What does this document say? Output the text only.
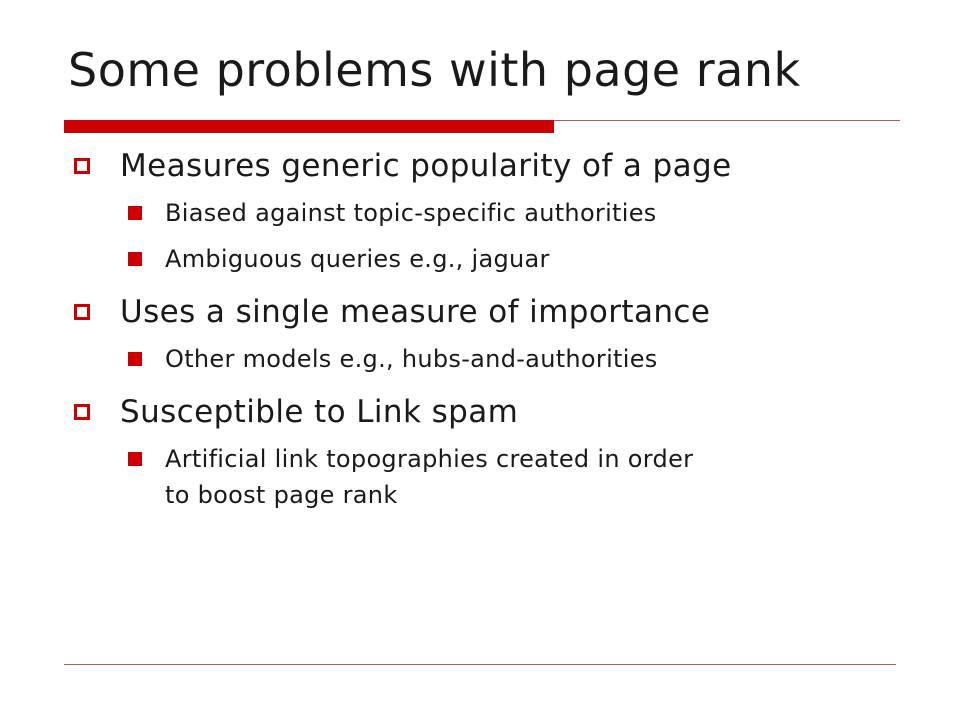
Some problems with page rank
Measures generic popularity of a page
Biased against topic-specific authorities
Ambiguous queries e.g., jaguar
Uses a single measure of importance
Other models e.g., hubs-and-authorities
Susceptible to Link spam
Artificial link topographies created in order
to boost page rank
